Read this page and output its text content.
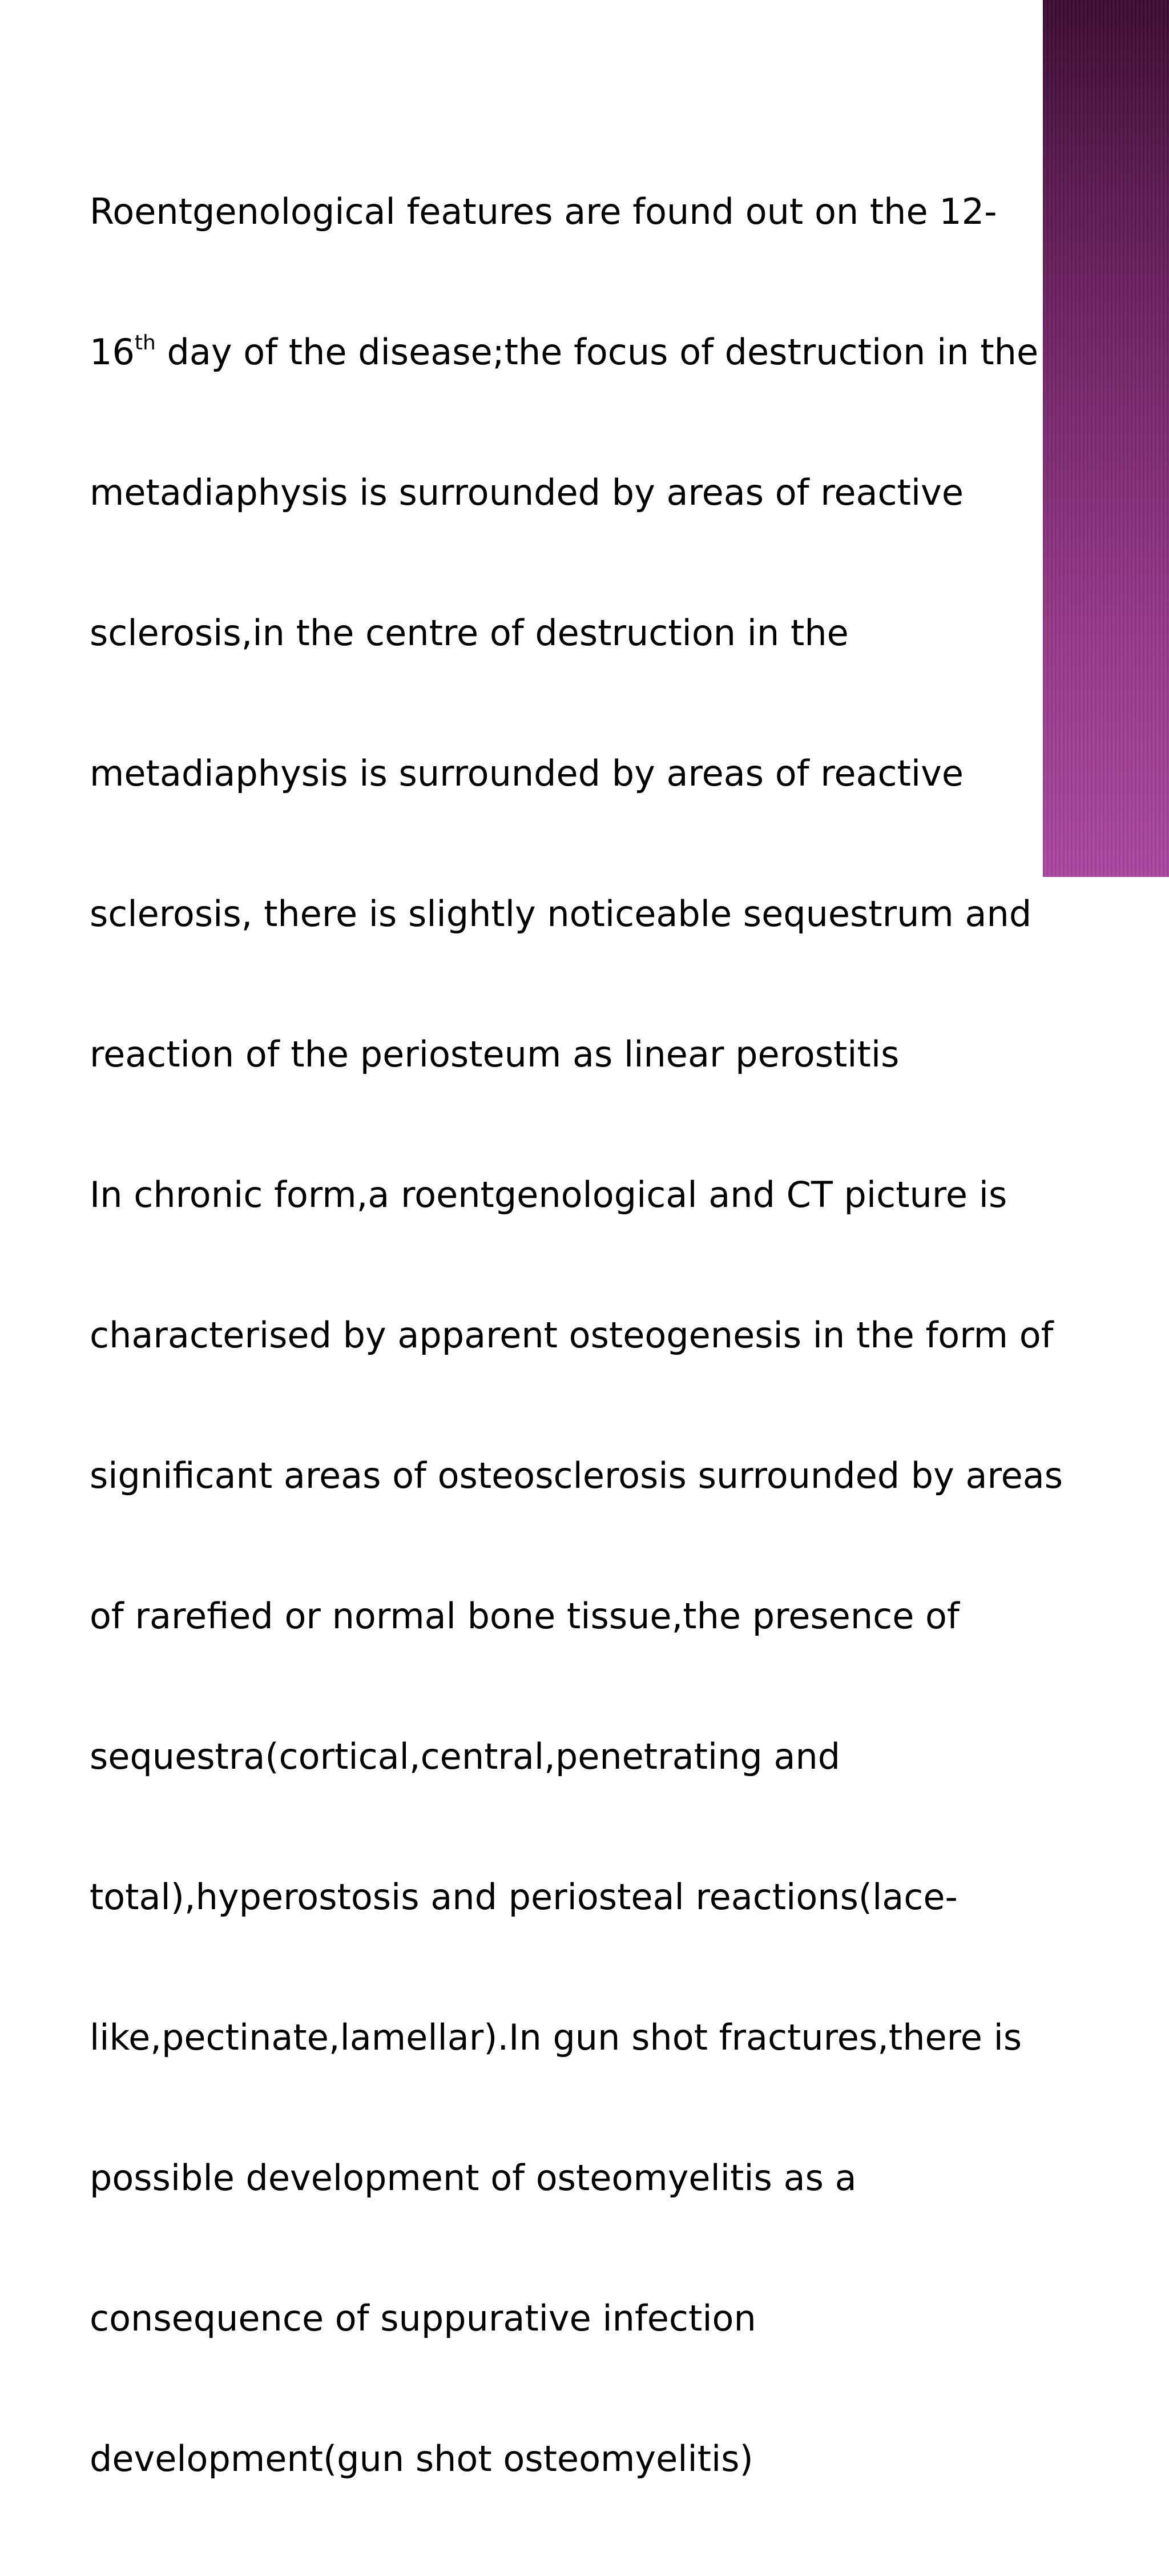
Roentgenological features are found out on the 12-

16th day of the disease;the focus of destruction in the

metadiaphysis is surrounded by areas of reactive

sclerosis,in the centre of destruction in the

metadiaphysis is surrounded by areas of reactive

sclerosis, there is slightly noticeable sequestrum and

reaction of the periosteum as linear perostitis

In chronic form,a roentgenological and CT picture is

characterised by apparent osteogenesis in the form of

significant areas of osteosclerosis surrounded by areas

of rarefied or normal bone tissue,the presence of

sequestra(cortical,central,penetrating and

total),hyperostosis and periosteal reactions(lace-

like,pectinate,lamellar).In gun shot fractures,there is

possible development of osteomyelitis as a

consequence of suppurative infection

development(gun shot osteomyelitis)
